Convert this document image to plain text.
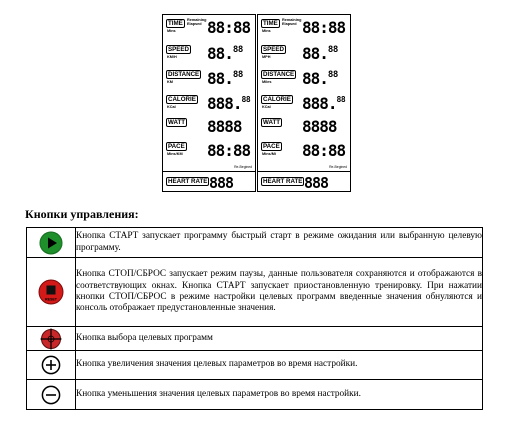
Remaining
Elapsed
TIME
Mins 88:88
SPEED
KM/H 88.88
DISTANCE
KM 88.88
CALORIE
KCal 888.88
WATT 8888
PACE
Mins/KM 88:88
Re-Begined
HEART RATE 888
Remaining
Elapsed
TIME
Mins 88:88
SPEED
MPH 88.88
DISTANCE
Miles 88.88
CALORIE
KCal 888.88
WATT 8888
PACE
Mins/Mi 88:88
Re-Begined
HEART RATE 888
Кнопки управления:
	Кнопка СТАРТ запускает программу быстрый старт в режиме ожидания или выбранную целевую программу.

RESET	Кнопка СТОП/СБРОС запускает режим паузы, данные пользователя сохраняются и отображаются в соответствующих окнах. Кнопка СТАРТ запускает приостановленную тренировку. При нажатии кнопки СТОП/СБРОС в режиме настройки целевых программ введенные значения обнуляются и консоль отображает предустановленные значения.

	Кнопка выбора целевых программ

	Кнопка увеличения значения целевых параметров во время настройки.

	Кнопка уменьшения значения целевых параметров во время настройки.
